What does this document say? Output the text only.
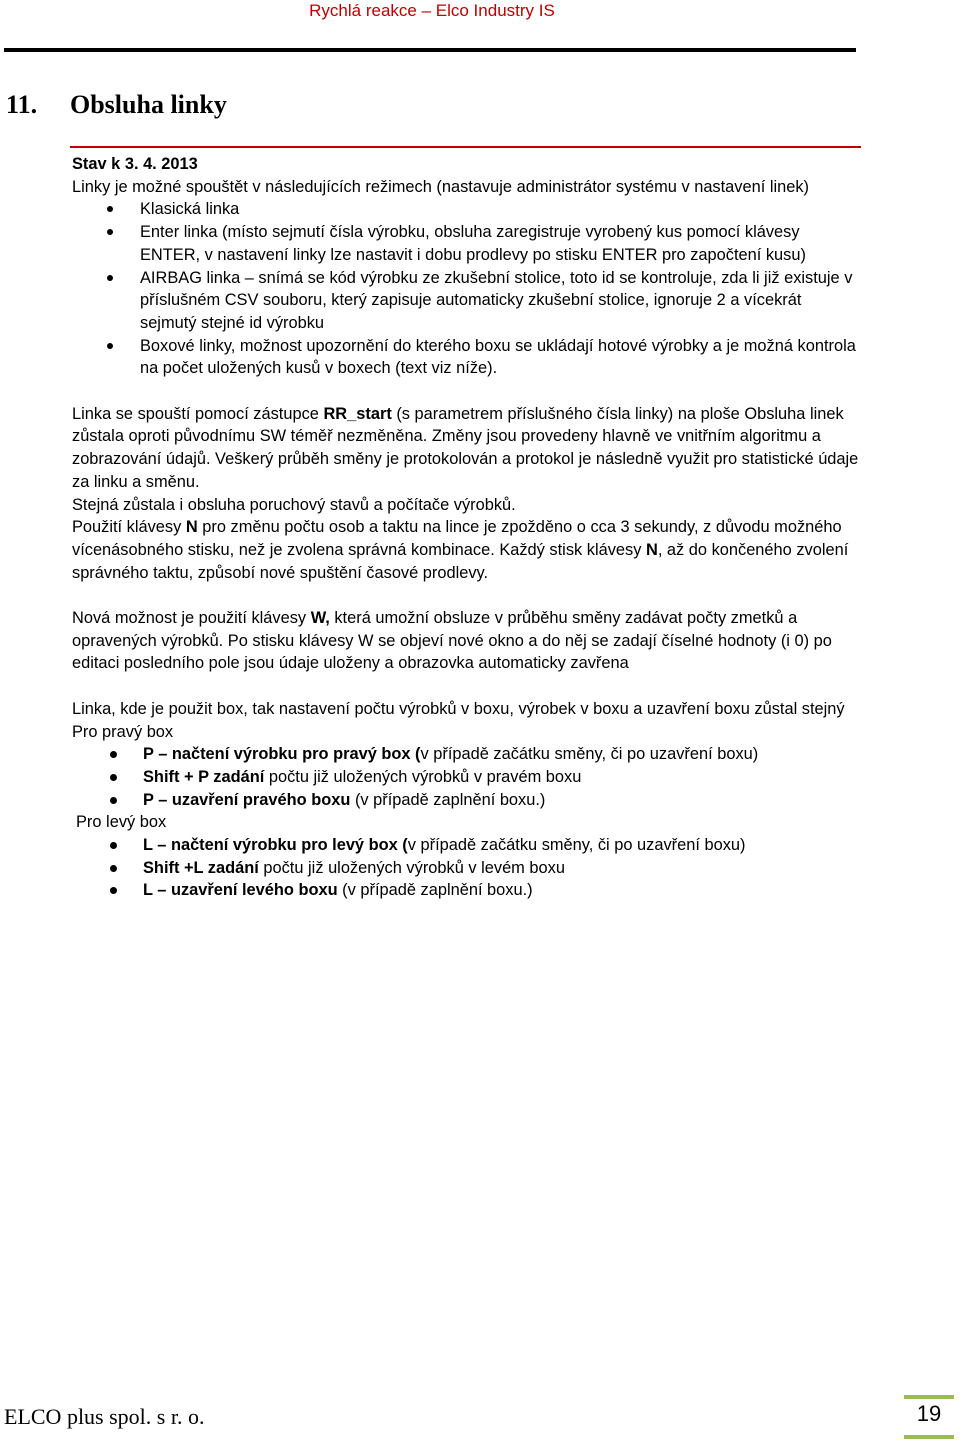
Rychlá reakce – Elco Industry IS
11. Obsluha linky

Stav k 3. 4. 2013

Linky je možné spouštět v následujících režimech (nastavuje administrátor systému v nastavení linek)

Klasická linka
Enter linka (místo sejmutí čísla výrobku, obsluha zaregistruje vyrobený kus pomocí klávesy ENTER, v nastavení linky lze nastavit i dobu prodlevy po stisku ENTER pro započtení kusu)
AIRBAG linka – snímá se kód výrobku ze zkušební stolice, toto id se kontroluje, zda li již existuje v příslušném CSV souboru, který zapisuje automaticky zkušební stolice, ignoruje 2 a vícekrát sejmutý stejné id výrobku
Boxové linky, možnost upozornění do kterého boxu se ukládají hotové výrobky a je možná kontrola na počet uložených kusů v boxech (text viz níže).

Linka se spouští pomocí zástupce RR_start (s parametrem příslušného čísla linky) na ploše Obsluha linek zůstala oproti původnímu SW téměř nezměněna. Změny jsou provedeny hlavně ve vnitřním algoritmu a zobrazování údajů. Veškerý průběh směny je protokolován a protokol je následně využit pro statistické údaje za linku a směnu.

Stejná zůstala i obsluha poruchový stavů a počítače výrobků.

Použití klávesy N pro změnu počtu osob a taktu na lince je zpožděno o cca 3 sekundy, z důvodu možného vícenásobného stisku, než je zvolena správná kombinace. Každý stisk klávesy N, až do končeného zvolení správného taktu, způsobí nové spuštění časové prodlevy.

Nová možnost je použití klávesy W, která umožní obsluze v průběhu směny zadávat počty zmetků a opravených výrobků. Po stisku klávesy W se objeví nové okno a do něj se zadají číselné hodnoty (i 0) po editaci posledního pole jsou údaje uloženy a obrazovka automaticky zavřena

Linka, kde je použit box, tak nastavení počtu výrobků v boxu, výrobek v boxu a uzavření boxu zůstal stejný

Pro pravý box

P – načtení výrobku pro pravý box (v případě začátku směny, či po uzavření boxu)
Shift + P zadání počtu již uložených výrobků v pravém boxu
P – uzavření pravého boxu (v případě zaplnění boxu.)

Pro levý box

L – načtení výrobku pro levý box (v případě začátku směny, či po uzavření boxu)
Shift +L zadání počtu již uložených výrobků v levém boxu
L – uzavření levého boxu (v případě zaplnění boxu.)
ELCO plus spol. s r. o.	19
